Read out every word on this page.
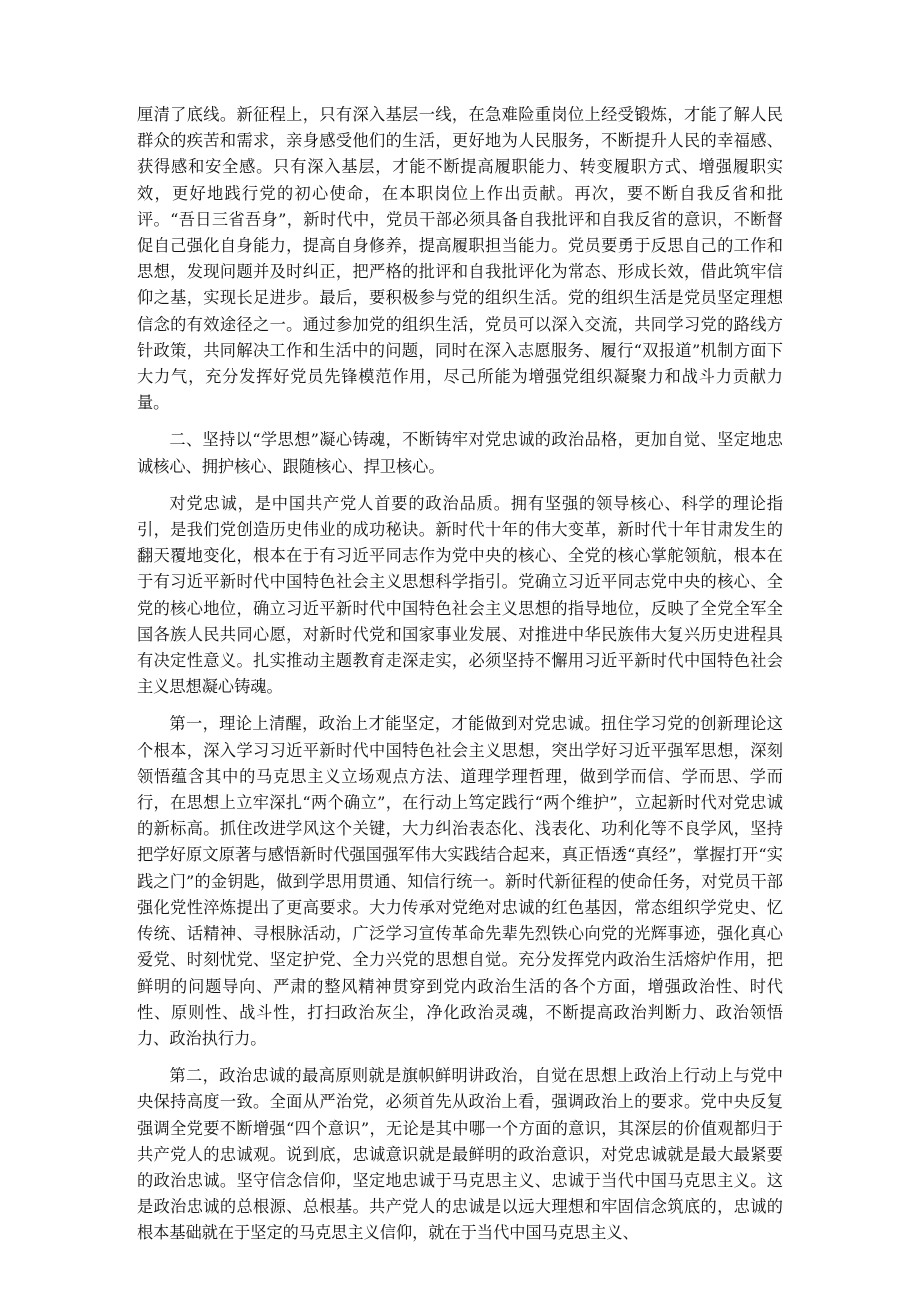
厘清了底线。新征程上，只有深入基层一线，在急难险重岗位上经受锻炼，才能了解人民群众的疾苦和需求，亲身感受他们的生活，更好地为人民服务，不断提升人民的幸福感、获得感和安全感。只有深入基层，才能不断提高履职能力、转变履职方式、增强履职实效，更好地践行党的初心使命，在本职岗位上作出贡献。再次，要不断自我反省和批评。“吾日三省吾身”，新时代中，党员干部必须具备自我批评和自我反省的意识，不断督促自己强化自身能力，提高自身修养，提高履职担当能力。党员要勇于反思自己的工作和思想，发现问题并及时纠正，把严格的批评和自我批评化为常态、形成长效，借此筑牢信仰之基，实现长足进步。最后，要积极参与党的组织生活。党的组织生活是党员坚定理想信念的有效途径之一。通过参加党的组织生活，党员可以深入交流，共同学习党的路线方针政策，共同解决工作和生活中的问题，同时在深入志愿服务、履行“双报道”机制方面下大力气，充分发挥好党员先锋模范作用，尽己所能为增强党组织凝聚力和战斗力贡献力量。

二、坚持以“学思想”凝心铸魂，不断铸牢对党忠诚的政治品格，更加自觉、坚定地忠诚核心、拥护核心、跟随核心、捍卫核心。

对党忠诚，是中国共产党人首要的政治品质。拥有坚强的领导核心、科学的理论指引，是我们党创造历史伟业的成功秘诀。新时代十年的伟大变革，新时代十年甘肃发生的翻天覆地变化，根本在于有习近平同志作为党中央的核心、全党的核心掌舵领航，根本在于有习近平新时代中国特色社会主义思想科学指引。党确立习近平同志党中央的核心、全党的核心地位，确立习近平新时代中国特色社会主义思想的指导地位，反映了全党全军全国各族人民共同心愿，对新时代党和国家事业发展、对推进中华民族伟大复兴历史进程具有决定性意义。扎实推动主题教育走深走实，必须坚持不懈用习近平新时代中国特色社会主义思想凝心铸魂。

第一，理论上清醒，政治上才能坚定，才能做到对党忠诚。扭住学习党的创新理论这个根本，深入学习习近平新时代中国特色社会主义思想，突出学好习近平强军思想，深刻领悟蕴含其中的马克思主义立场观点方法、道理学理哲理，做到学而信、学而思、学而行，在思想上立牢深扎“两个确立”，在行动上笃定践行“两个维护”，立起新时代对党忠诚的新标高。抓住改进学风这个关键，大力纠治表态化、浅表化、功利化等不良学风，坚持把学好原文原著与感悟新时代强国强军伟大实践结合起来，真正悟透“真经”，掌握打开“实践之门”的金钥匙，做到学思用贯通、知信行统一。新时代新征程的使命任务，对党员干部强化党性淬炼提出了更高要求。大力传承对党绝对忠诚的红色基因，常态组织学党史、忆传统、话精神、寻根脉活动，广泛学习宣传革命先辈先烈铁心向党的光辉事迹，强化真心爱党、时刻忧党、坚定护党、全力兴党的思想自觉。充分发挥党内政治生活熔炉作用，把鲜明的问题导向、严肃的整风精神贯穿到党内政治生活的各个方面，增强政治性、时代性、原则性、战斗性，打扫政治灰尘，净化政治灵魂，不断提高政治判断力、政治领悟力、政治执行力。

第二，政治忠诚的最高原则就是旗帜鲜明讲政治，自觉在思想上政治上行动上与党中央保持高度一致。全面从严治党，必须首先从政治上看，强调政治上的要求。党中央反复强调全党要不断增强“四个意识”，无论是其中哪一个方面的意识，其深层的价值观都归于共产党人的忠诚观。说到底，忠诚意识就是最鲜明的政治意识，对党忠诚就是最大最紧要的政治忠诚。坚守信念信仰，坚定地忠诚于马克思主义、忠诚于当代中国马克思主义。这是政治忠诚的总根源、总根基。共产党人的忠诚是以远大理想和牢固信念筑底的，忠诚的根本基础就在于坚定的马克思主义信仰，就在于当代中国马克思主义、
